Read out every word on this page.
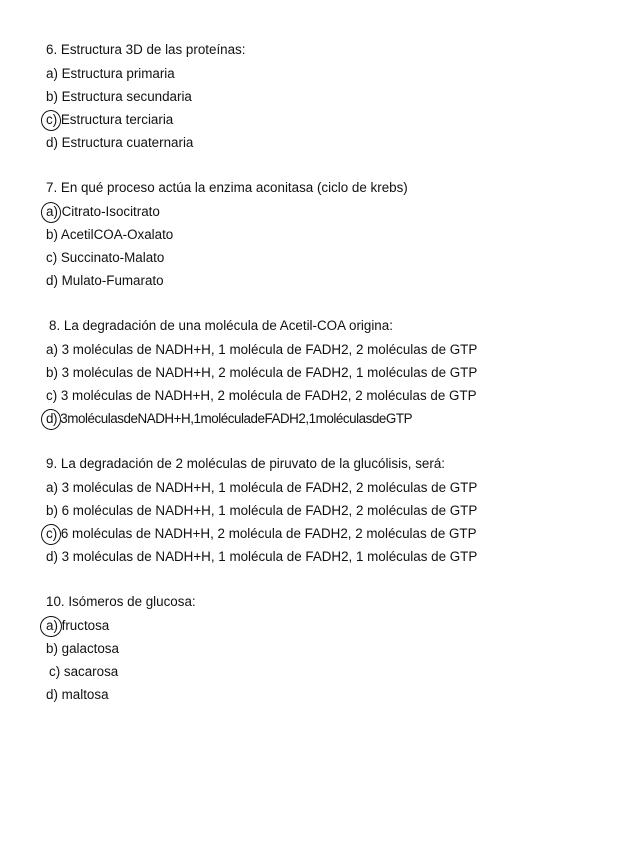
6. Estructura 3D de las proteínas:
a) Estructura primaria
b) Estructura secundaria
c) Estructura terciaria
d) Estructura cuaternaria
7. En qué proceso actúa la enzima aconitasa (ciclo de krebs)
a) Citrato-Isocitrato
b) AcetilCOA-Oxalato
c) Succinato-Malato
d) Mulato-Fumarato
8. La degradación de una molécula de Acetil-COA origina:
a) 3 moléculas de NADH+H, 1 molécula de FADH2, 2 moléculas de GTP
b) 3 moléculas de NADH+H, 2 molécula de FADH2, 1 moléculas de GTP
c) 3 moléculas de NADH+H, 2 molécula de FADH2, 2 moléculas de GTP
d) 3moléculasdeNADH+H,1moléculadeFADH2,1moléculasdeGTP
9. La degradación de 2 moléculas de piruvato de la glucólisis, será:
a) 3 moléculas de NADH+H, 1 molécula de FADH2, 2 moléculas de GTP
b) 6 moléculas de NADH+H, 1 molécula de FADH2, 2 moléculas de GTP
c) 6 moléculas de NADH+H, 2 molécula de FADH2, 2 moléculas de GTP
d) 3 moléculas de NADH+H, 1 molécula de FADH2, 1 moléculas de GTP
10. Isómeros de glucosa:
a) fructosa
b) galactosa
c) sacarosa
d) maltosa
